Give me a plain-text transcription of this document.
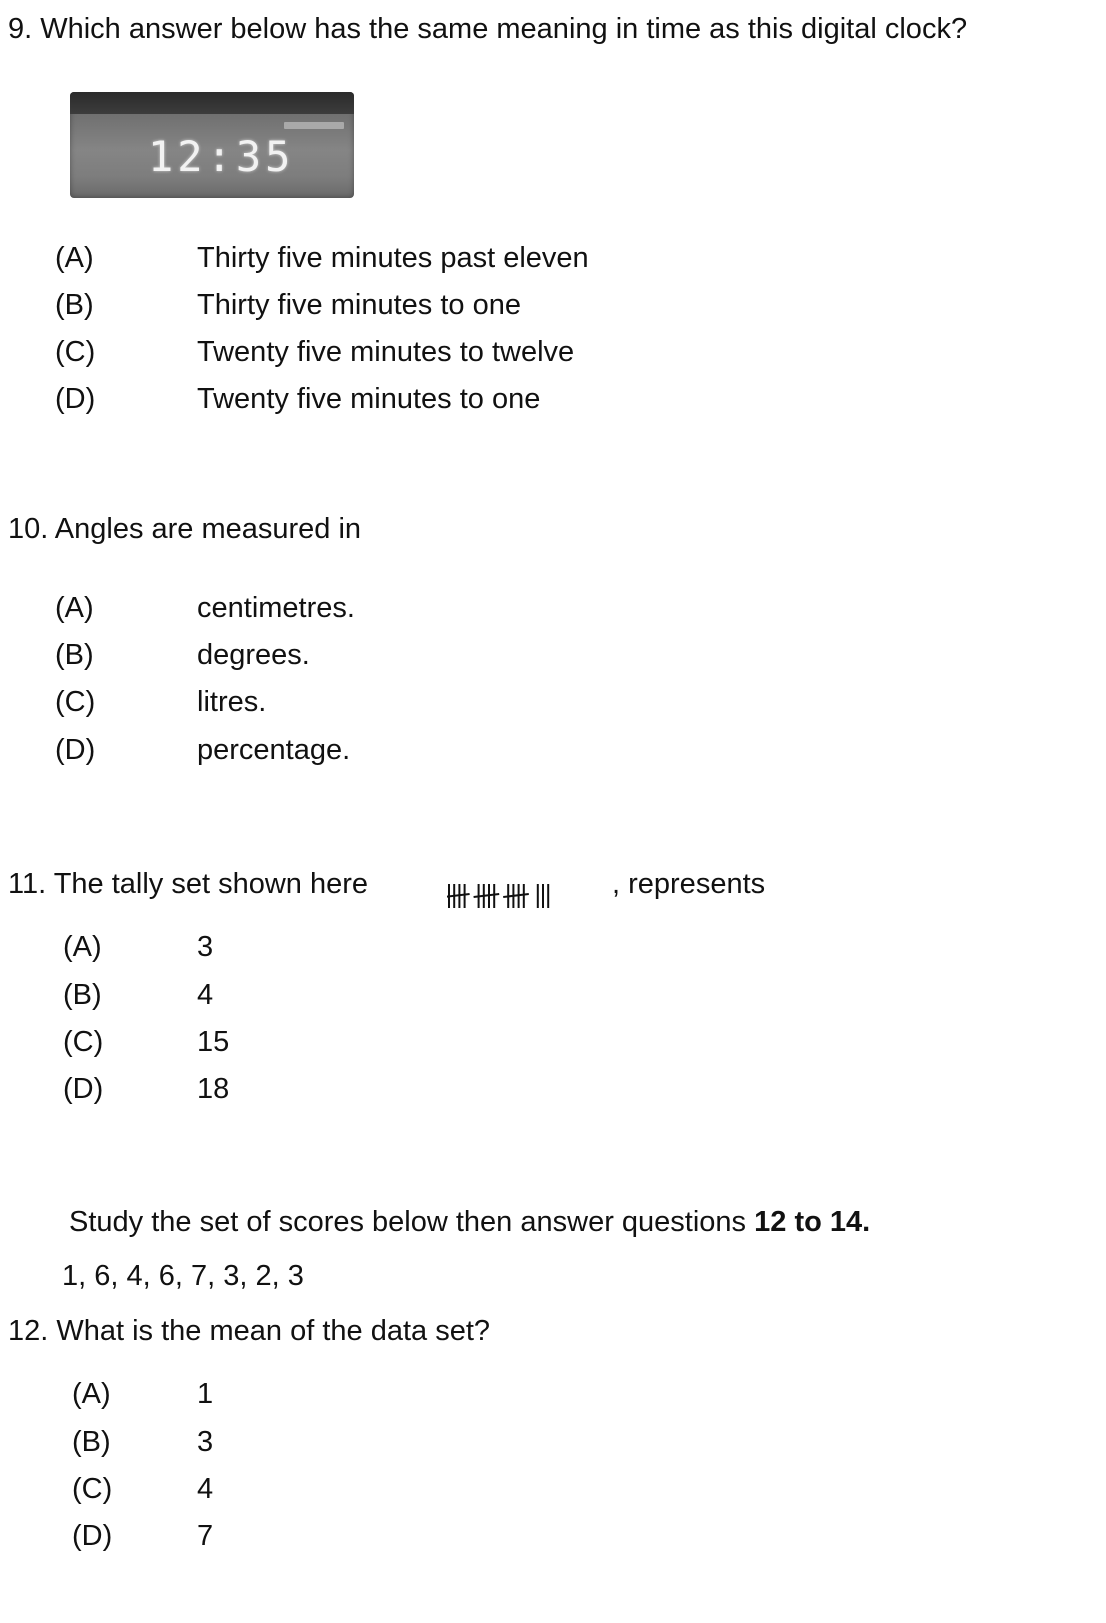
9. Which answer below has the same meaning in time as this digital clock?
12:35
(A)	Thirty five minutes past eleven
(B)	Thirty five minutes to one
(C)	Twenty five minutes to twelve
(D)	Twenty five minutes to one
10. Angles are measured in
(A)	centimetres.
(B)	degrees.
(C)	litres.
(D)	percentage.
11. The tally set shown here	, represents
(A)	3
(B)	4
(C)	15
(D)	18
Study the set of scores below then answer questions 12 to 14.
1, 6, 4, 6, 7, 3, 2, 3
12. What is the mean of the data set?
(A)	1
(B)	3
(C)	4
(D)	7
